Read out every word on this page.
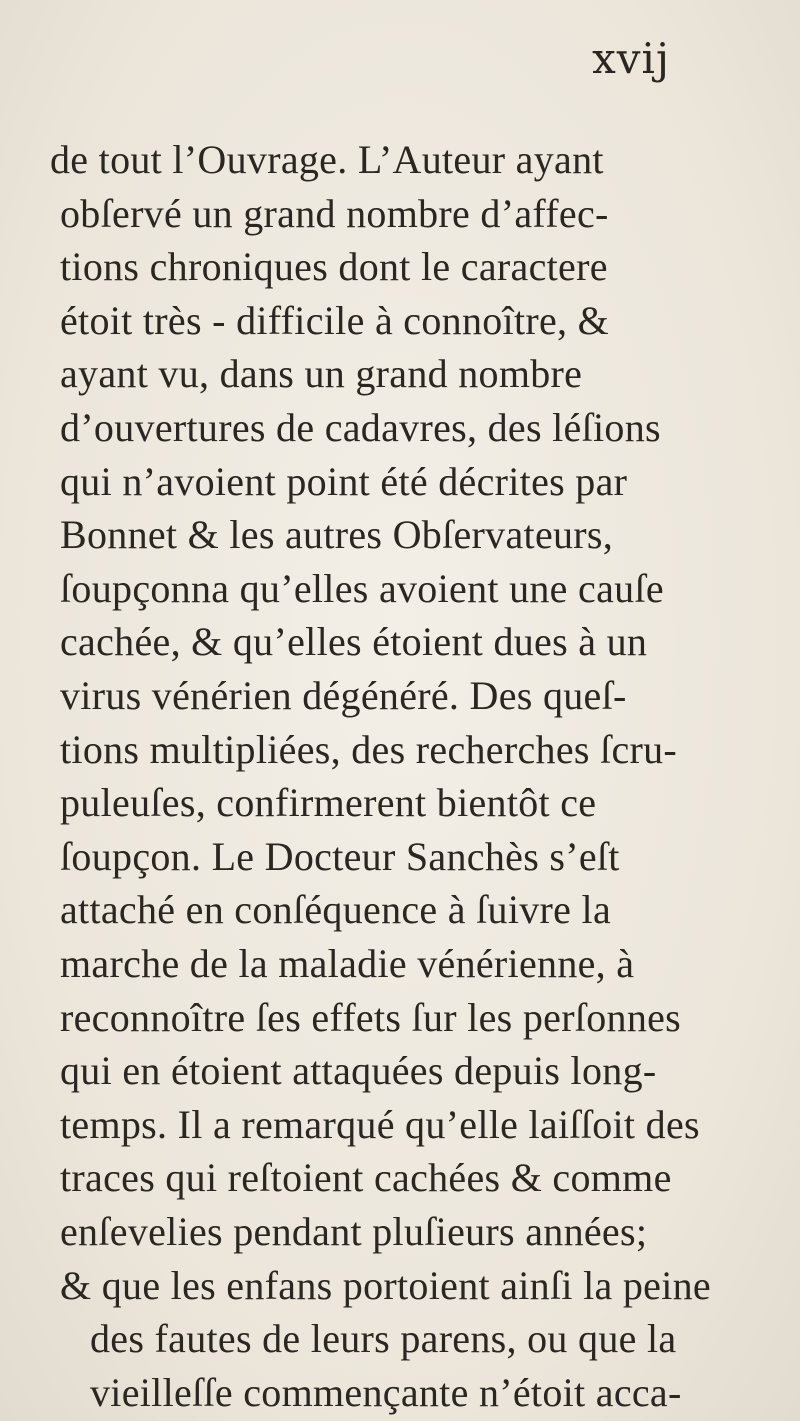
xvij
de tout l’Ouvrage. L’Auteur ayant
obſervé un grand nombre d’affec-
tions chroniques dont le caractere
étoit très - difficile à connoître, &
ayant vu, dans un grand nombre
d’ouvertures de cadavres, des léſions
qui n’avoient point été décrites par
Bonnet & les autres Obſervateurs,
ſoupçonna qu’elles avoient une cauſe
cachée, & qu’elles étoient dues à un
virus vénérien dégénéré. Des queſ-
tions multipliées, des recherches ſcru-
puleuſes, confirmerent bientôt ce
ſoupçon. Le Docteur Sanchès s’eſt
attaché en conſéquence à ſuivre la
marche de la maladie vénérienne, à
reconnoître ſes effets ſur les perſonnes
qui en étoient attaquées depuis long-
temps. Il a remarqué qu’elle laiſſoit des
traces qui reſtoient cachées & comme
enſevelies pendant pluſieurs années;
& que les enfans portoient ainſi la peine
des fautes de leurs parens, ou que la
vieilleſſe commençante n’étoit acca-
